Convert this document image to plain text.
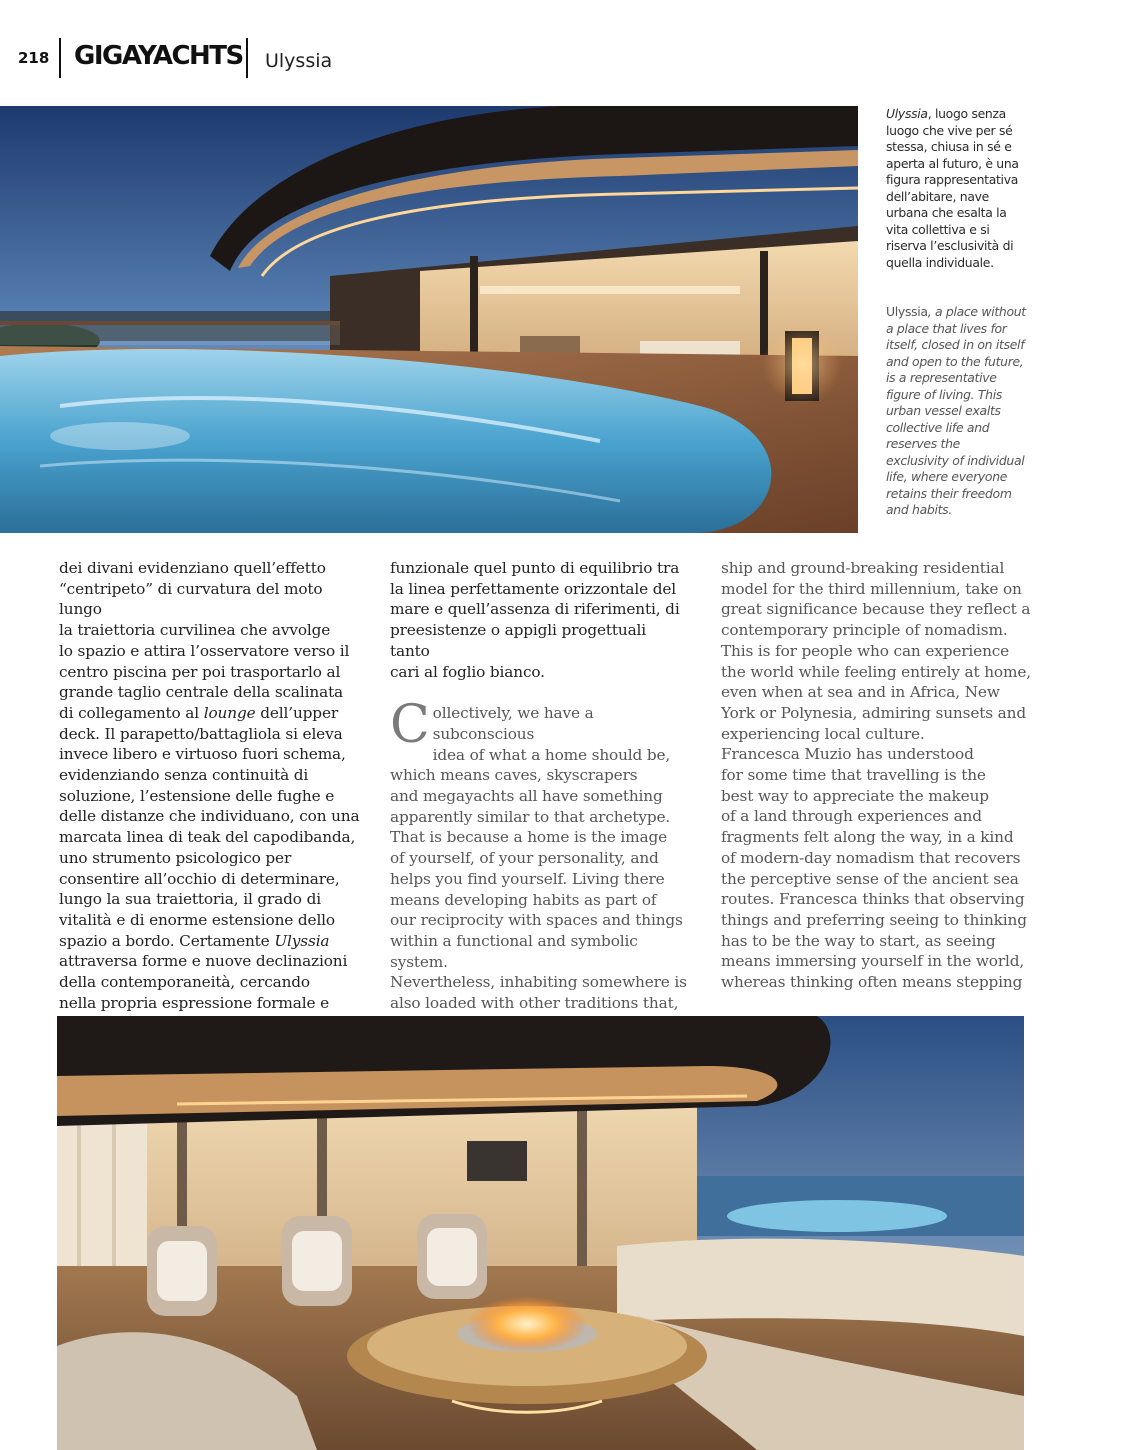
218 GIGAYACHTS Ulyssia

Ulyssia, luogo senza luogo che vive per sé stessa, chiusa in sé e aperta al futuro, è una figura rappresentativa dell’abitare, nave urbana che esalta la vita collettiva e si riserva l’esclusività di quella individuale.

Ulyssia, a place without a place that lives for itself, closed in on itself and open to the future, is a representative figure of living. This urban vessel exalts collective life and reserves the exclusivity of individual life, where everyone retains their freedom and habits.

dei divani evidenziano quell’effetto
“centripeto” di curvatura del moto lungo
la traiettoria curvilinea che avvolge
lo spazio e attira l’osservatore verso il
centro piscina per poi trasportarlo al
grande taglio centrale della scalinata
di collegamento al lounge dell’upper
deck. Il parapetto/battagliola si eleva
invece libero e virtuoso fuori schema,
evidenziando senza continuità di
soluzione, l’estensione delle fughe e
delle distanze che individuano, con una
marcata linea di teak del capodibanda,
uno strumento psicologico per
consentire all’occhio di determinare,
lungo la sua traiettoria, il grado di
vitalità e di enorme estensione dello
spazio a bordo. Certamente Ulyssia
attraversa forme e nuove declinazioni
della contemporaneità, cercando
nella propria espressione formale e

funzionale quel punto di equilibrio tra
la linea perfettamente orizzontale del
mare e quell’assenza di riferimenti, di
preesistenze o appigli progettuali tanto
cari al foglio bianco.

Collectively, we have a subconscious
idea of what a home should be,
which means caves, skyscrapers
and megayachts all have something
apparently similar to that archetype.
That is because a home is the image
of yourself, of your personality, and
helps you find yourself. Living there
means developing habits as part of
our reciprocity with spaces and things
within a functional and symbolic system.
Nevertheless, inhabiting somewhere is
also loaded with other traditions that,

ship and ground-breaking residential
model for the third millennium, take on
great significance because they reflect a
contemporary principle of nomadism.
This is for people who can experience
the world while feeling entirely at home,
even when at sea and in Africa, New
York or Polynesia, admiring sunsets and
experiencing local culture.
Francesca Muzio has understood
for some time that travelling is the
best way to appreciate the makeup
of a land through experiences and
fragments felt along the way, in a kind
of modern-day nomadism that recovers
the perceptive sense of the ancient sea
routes. Francesca thinks that observing
things and preferring seeing to thinking
has to be the way to start, as seeing
means immersing yourself in the world,
whereas thinking often means stepping
